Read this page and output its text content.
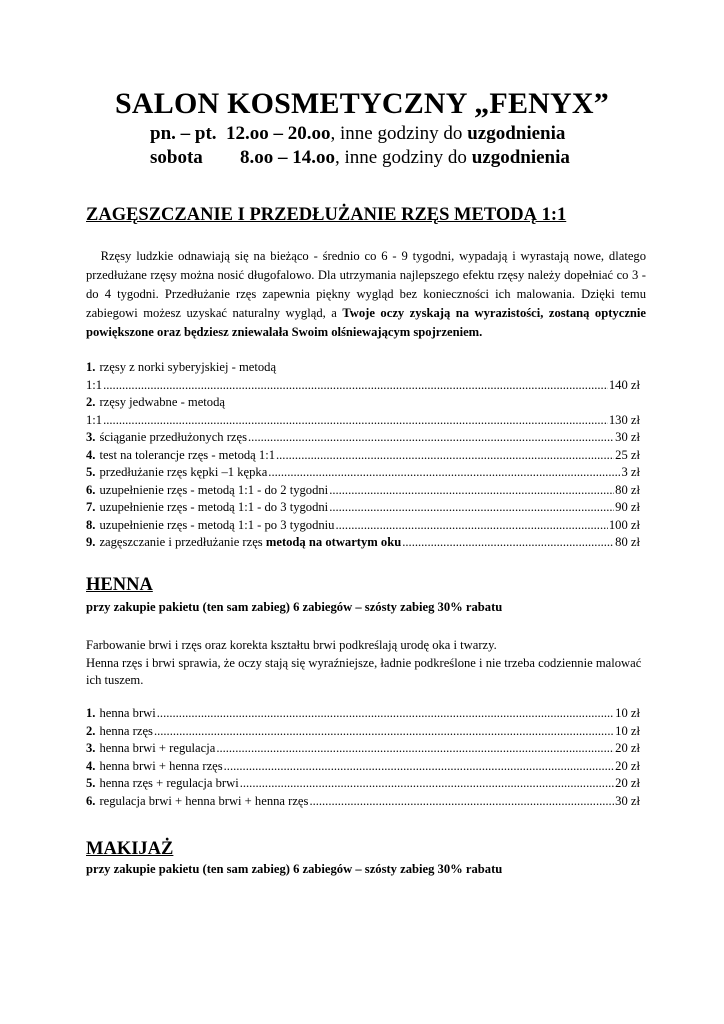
SALON KOSMETYCZNY „FENYX”
pn. – pt. 12.oo – 20.oo , inne godziny do uzgodnienia
sobota	8.oo – 14.oo , inne godziny do uzgodnienia
ZAGĘSZCZANIE I PRZEDŁUŻANIE RZĘS METODĄ 1:1

Rzęsy ludzkie odnawiają się na bieżąco - średnio co 6 - 9 tygodni, wypadają i wyrastają nowe, dlatego przedłużane rzęsy można nosić długofalowo. Dla utrzymania najlepszego efektu rzęsy należy dopełniać co 3 - do 4 tygodni. Przedłużanie rzęs zapewnia piękny wygląd bez konieczności ich malowania. Dzięki temu zabiegowi możesz uzyskać naturalny wygląd, a Twoje oczy zyskają na wyrazistości, zostaną optycznie powiększone oraz będziesz zniewalała Swoim olśniewającym spojrzeniem.

1. rzęsy z norki syberyjskiej - metodą
1:1 .....	140 zł
2. rzęsy jedwabne - metodą
1:1 .....	130 zł
3. ściąganie przedłużonych rzęs .....	30 zł
4. test na tolerancje rzęs - metodą 1:1 .....	25 zł
5. przedłużanie rzęs kępki –1 kępka .....	3 zł
6. uzupełnienie rzęs - metodą 1:1 - do 2 tygodni .....	80 zł
7. uzupełnienie rzęs - metodą 1:1 - do 3 tygodni .....	90 zł
8. uzupełnienie rzęs - metodą 1:1 - po 3 tygodniu .....	100 zł
9. zagęszczanie i przedłużanie rzęs metodą na otwartym oku .....	80 zł
HENNA

przy zakupie pakietu (ten sam zabieg) 6 zabiegów – szósty zabieg 30% rabatu

Farbowanie brwi i rzęs oraz korekta kształtu brwi podkreślają urodę oka i twarzy.
Henna rzęs i brwi sprawia, że oczy stają się wyraźniejsze, ładnie podkreślone i nie trzeba codziennie malować ich tuszem.

1. henna brwi .....	10 zł
2. henna rzęs .....	10 zł
3. henna brwi + regulacja .....	20 zł
4. henna brwi + henna rzęs .....	20 zł
5. henna rzęs + regulacja brwi .....	20 zł
6. regulacja brwi + henna brwi + henna rzęs .....	30 zł
MAKIJAŻ

przy zakupie pakietu (ten sam zabieg) 6 zabiegów – szósty zabieg 30% rabatu
